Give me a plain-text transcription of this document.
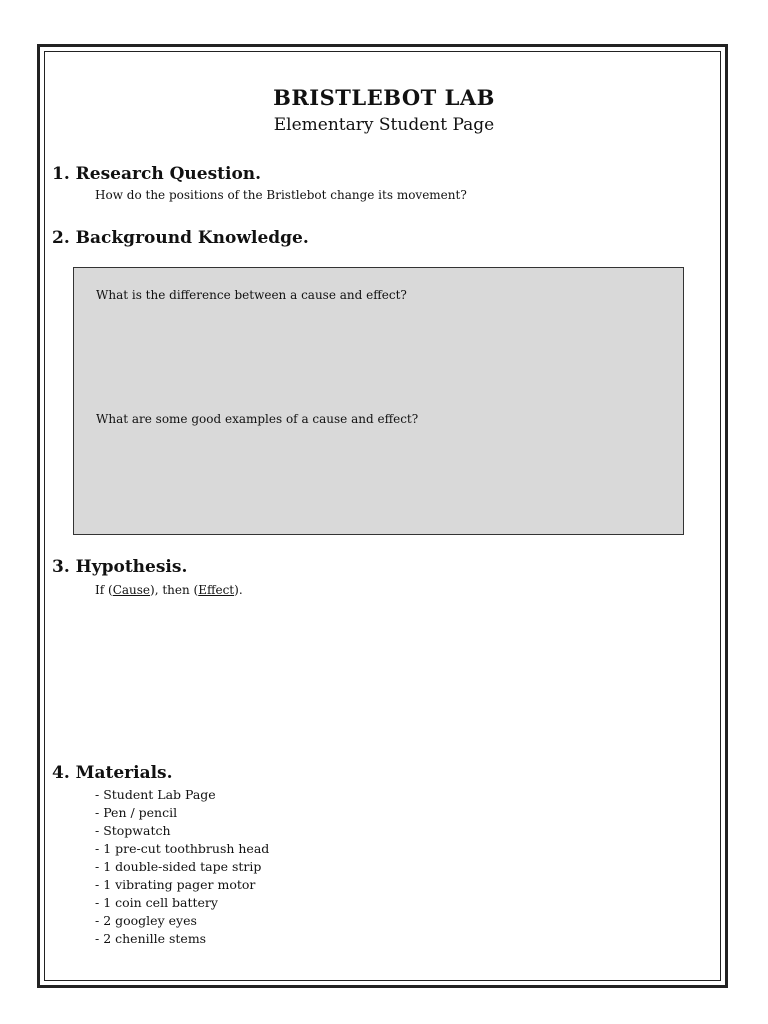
BRISTLEBOT LAB
Elementary Student Page
1. Research Question.
How do the positions of the Bristlebot change its movement?
2. Background Knowledge.
What is the difference between a cause and effect?
What are some good examples of a cause and effect?
3. Hypothesis.
If (Cause), then (Effect).
4. Materials.
- Student Lab Page
- Pen / pencil
- Stopwatch
- 1 pre-cut toothbrush head
- 1 double-sided tape strip
- 1 vibrating pager motor
- 1 coin cell battery
- 2 googley eyes
- 2 chenille stems
